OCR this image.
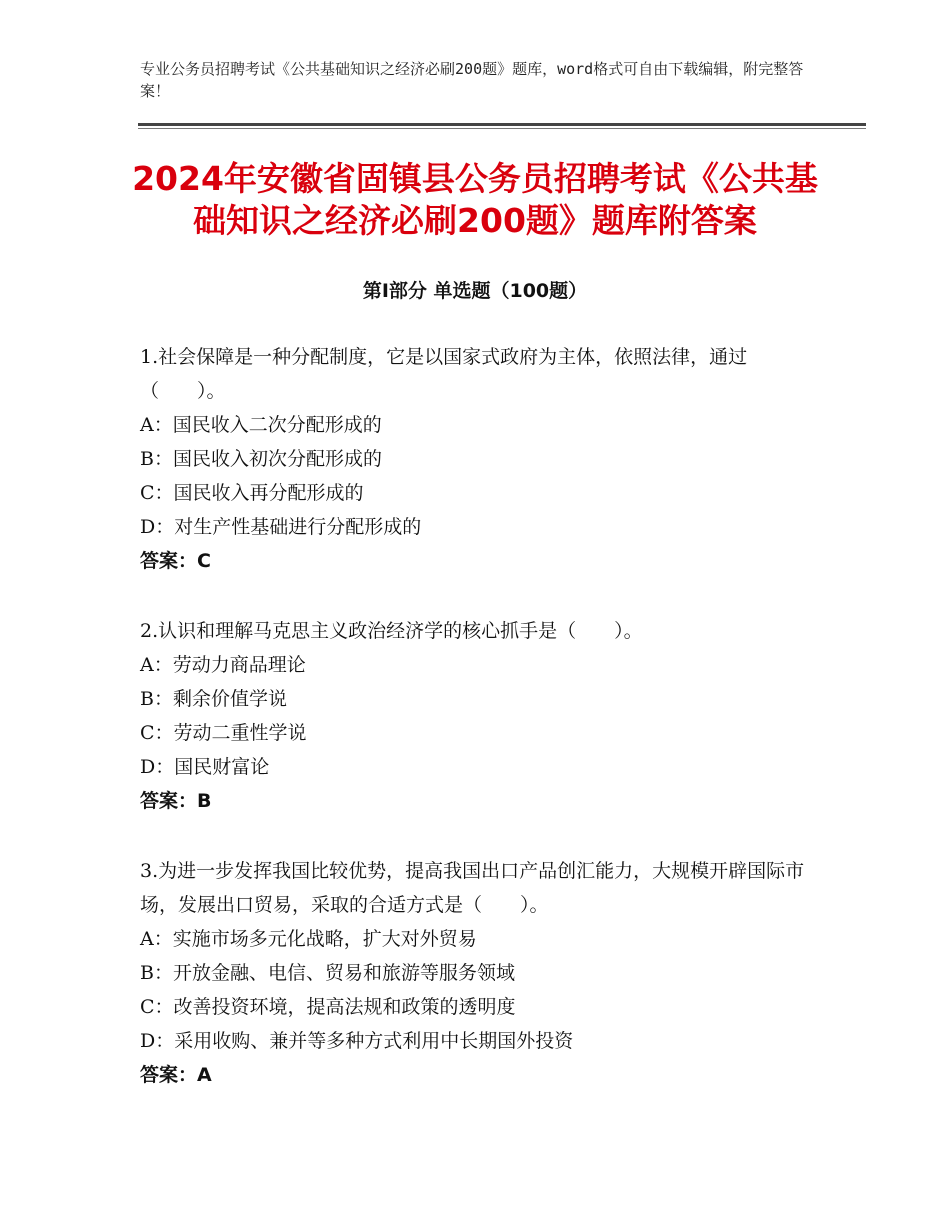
专业公务员招聘考试《公共基础知识之经济必刷200题》题库，word格式可自由下载编辑，附完整答案！
2024年安徽省固镇县公务员招聘考试《公共基础知识之经济必刷200题》题库附答案
第Ⅰ部分 单选题（100题）
1.社会保障是一种分配制度，它是以国家式政府为主体，依照法律，通过（　　）。
A：国民收入二次分配形成的
B：国民收入初次分配形成的
C：国民收入再分配形成的
D：对生产性基础进行分配形成的
答案：C
2.认识和理解马克思主义政治经济学的核心抓手是（　　）。
A：劳动力商品理论
B：剩余价值学说
C：劳动二重性学说
D：国民财富论
答案：B
3.为进一步发挥我国比较优势，提高我国出口产品创汇能力，大规模开辟国际市场，发展出口贸易，采取的合适方式是（　　）。
A：实施市场多元化战略，扩大对外贸易
B：开放金融、电信、贸易和旅游等服务领域
C：改善投资环境，提高法规和政策的透明度
D：采用收购、兼并等多种方式利用中长期国外投资
答案：A
